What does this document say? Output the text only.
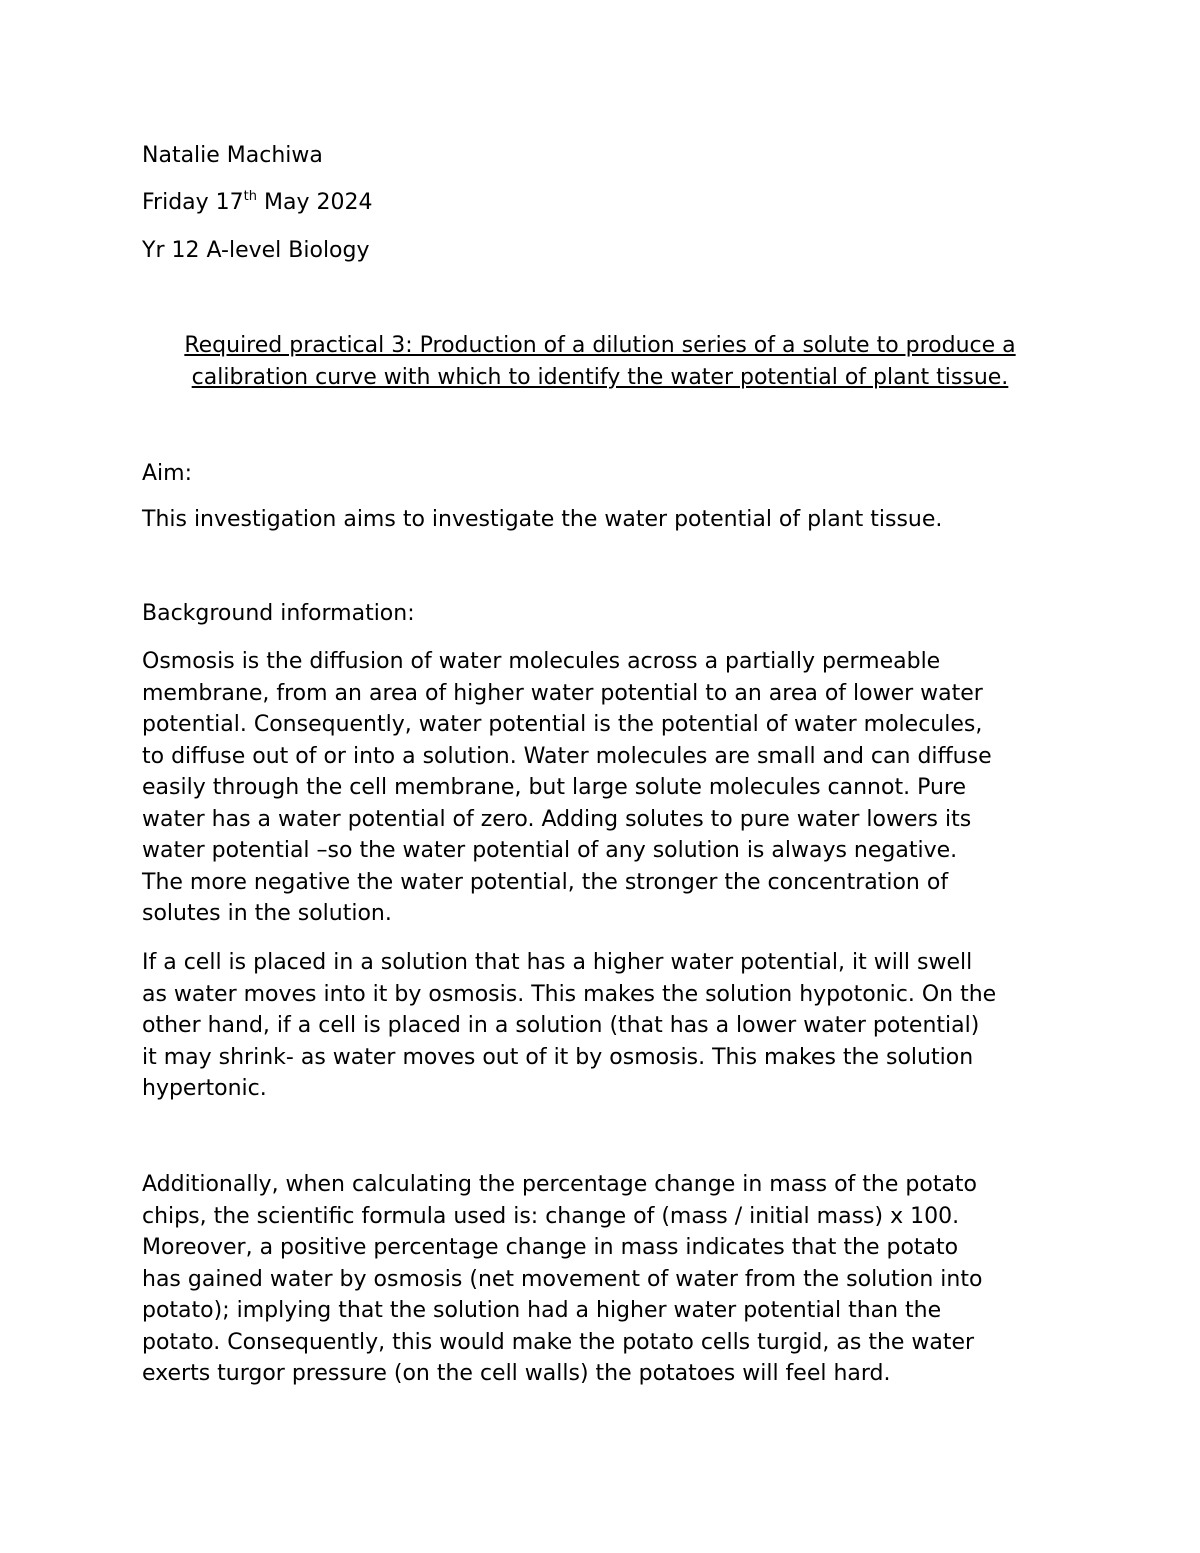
Natalie Machiwa
Friday 17th May 2024
Yr 12 A-level Biology
Required practical 3: Production of a dilution series of a solute to produce a
calibration curve with which to identify the water potential of plant tissue.
Aim:
This investigation aims to investigate the water potential of plant tissue.
Background information:
Osmosis is the diffusion of water molecules across a partially permeable
membrane, from an area of higher water potential to an area of lower water
potential. Consequently, water potential is the potential of water molecules,
to diffuse out of or into a solution. Water molecules are small and can diffuse
easily through the cell membrane, but large solute molecules cannot. Pure
water has a water potential of zero. Adding solutes to pure water lowers its
water potential –so the water potential of any solution is always negative.
The more negative the water potential, the stronger the concentration of
solutes in the solution.
If a cell is placed in a solution that has a higher water potential, it will swell
as water moves into it by osmosis. This makes the solution hypotonic. On the
other hand, if a cell is placed in a solution (that has a lower water potential)
it may shrink- as water moves out of it by osmosis. This makes the solution
hypertonic.
Additionally, when calculating the percentage change in mass of the potato
chips, the scientific formula used is: change of (mass / initial mass) x 100.
Moreover, a positive percentage change in mass indicates that the potato
has gained water by osmosis (net movement of water from the solution into
potato); implying that the solution had a higher water potential than the
potato. Consequently, this would make the potato cells turgid, as the water
exerts turgor pressure (on the cell walls) the potatoes will feel hard.
